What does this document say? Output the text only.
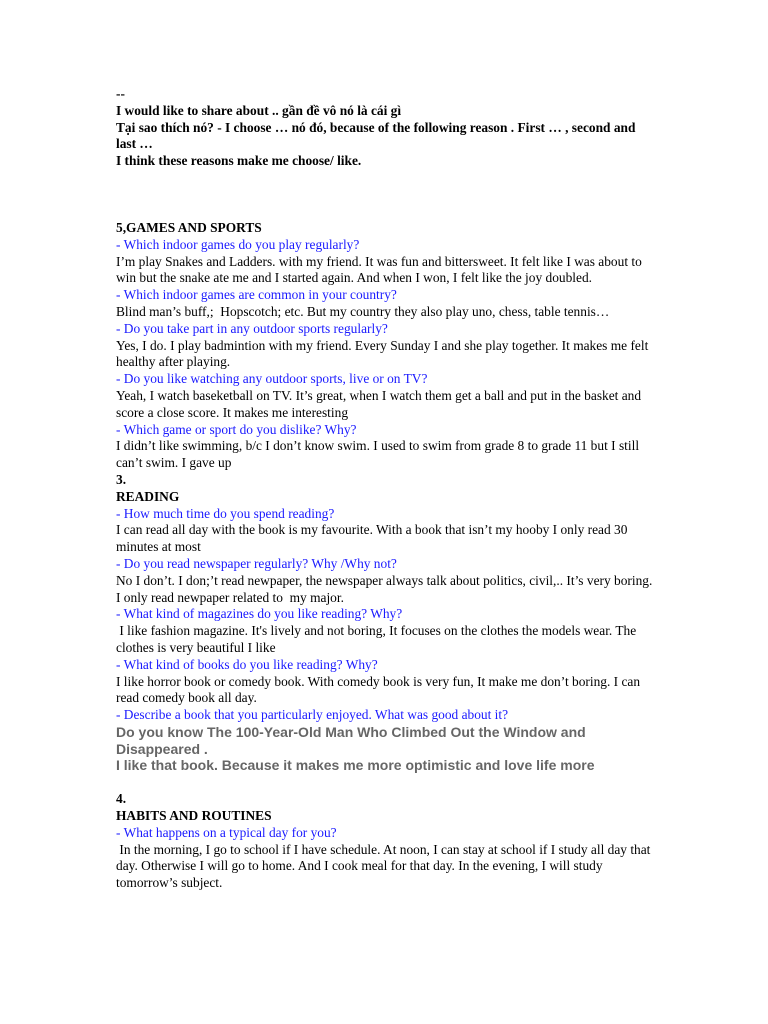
--
I would like to share about .. gần đề vô nó là cái gì
Tại sao thích nó? - I choose … nó đó, because of the following reason . First … , second and last …
I think these reasons make me choose/ like.
5,GAMES AND SPORTS
- Which indoor games do you play regularly?
I’m play Snakes and Ladders. with my friend. It was fun and bittersweet. It felt like I was about to win but the snake ate me and I started again. And when I won, I felt like the joy doubled.
- Which indoor games are common in your country?
Blind man’s buff,;  Hopscotch; etc. But my country they also play uno, chess, table tennis…
- Do you take part in any outdoor sports regularly?
Yes, I do. I play badmintion with my friend. Every Sunday I and she play together. It makes me felt healthy after playing.
- Do you like watching any outdoor sports, live or on TV?
Yeah, I watch baseketball on TV. It’s great, when I watch them get a ball and put in the basket and score a close score. It makes me interesting
- Which game or sport do you dislike? Why?
I didn’t like swimming, b/c I don’t know swim. I used to swim from grade 8 to grade 11 but I still can’t swim. I gave up
3.
READING
- How much time do you spend reading?
I can read all day with the book is my favourite. With a book that isn’t my hooby I only read 30 minutes at most
- Do you read newspaper regularly? Why /Why not?
No I don’t. I don;’t read newpaper, the newspaper always talk about politics, civil,.. It’s very boring. I only read newpaper related to  my major.
- What kind of magazines do you like reading? Why?
I like fashion magazine. It's lively and not boring, It focuses on the clothes the models wear. The clothes is very beautiful I like
- What kind of books do you like reading? Why?
I like horror book or comedy book. With comedy book is very fun, It make me don’t boring. I can read comedy book all day.
- Describe a book that you particularly enjoyed. What was good about it?
Do you know The 100-Year-Old Man Who Climbed Out the Window and Disappeared .
I like that book. Because it makes me more optimistic and love life more
4.
HABITS AND ROUTINES
- What happens on a typical day for you?
In the morning, I go to school if I have schedule. At noon, I can stay at school if I study all day that day. Otherwise I will go to home. And I cook meal for that day. In the evening, I will study tomorrow’s subject.
